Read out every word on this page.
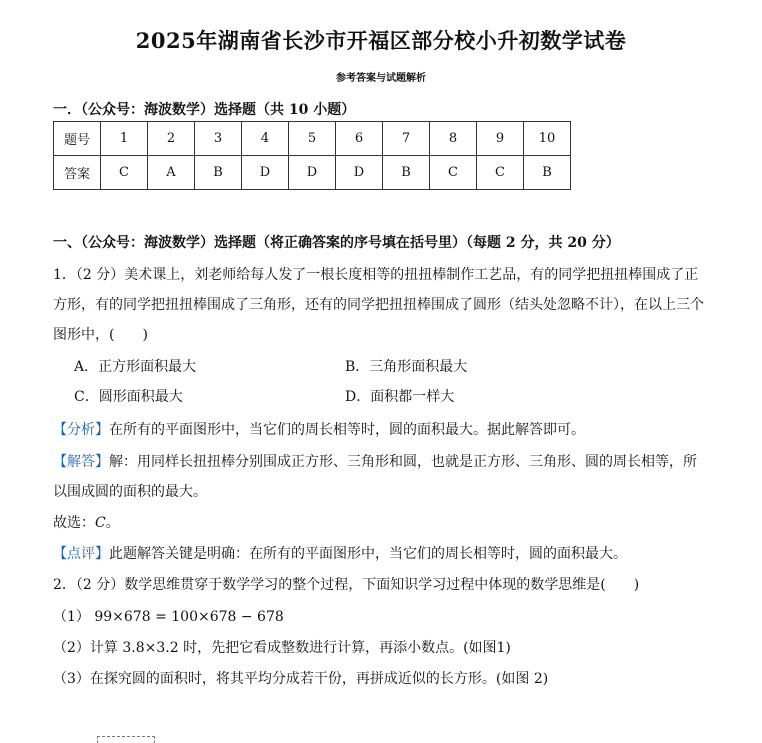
2025年湖南省长沙市开福区部分校小升初数学试卷
参考答案与试题解析
一．（公众号：海波数学）选择题（共 10 小题）
题号	1	2	3	4	5	6	7	8	9	10
答案	C	A	B	D	D	D	B	C	C	B
一、（公众号：海波数学）选择题（将正确答案的序号填在括号里）（每题 2 分，共 20 分）
1．（2 分）美术课上，刘老师给每人发了一根长度相等的扭扭棒制作工艺品，有的同学把扭扭棒围成了正
方形，有的同学把扭扭棒围成了三角形，还有的同学把扭扭棒围成了圆形（结头处忽略不计），在以上三个
图形中，(　　)
A．正方形面积最大	B．三角形面积最大
C．圆形面积最大	D．面积都一样大
【分析】在所有的平面图形中，当它们的周长相等时，圆的面积最大。据此解答即可。
【解答】解：用同样长扭扭棒分别围成正方形、三角形和圆，也就是正方形、三角形、圆的周长相等，所
以围成圆的面积的最大。
故选：C。
【点评】此题解答关键是明确：在所有的平面图形中，当它们的周长相等时，圆的面积最大。
2．（2 分）数学思维贯穿于数学学习的整个过程，下面知识学习过程中体现的数学思维是(　　)
（1） 99×678 = 100×678 − 678
（2）计算 3.8×3.2 时，先把它看成整数进行计算，再添小数点。(如图1)
（3）在探究圆的面积时，将其平均分成若干份，再拼成近似的长方形。(如图 2)
